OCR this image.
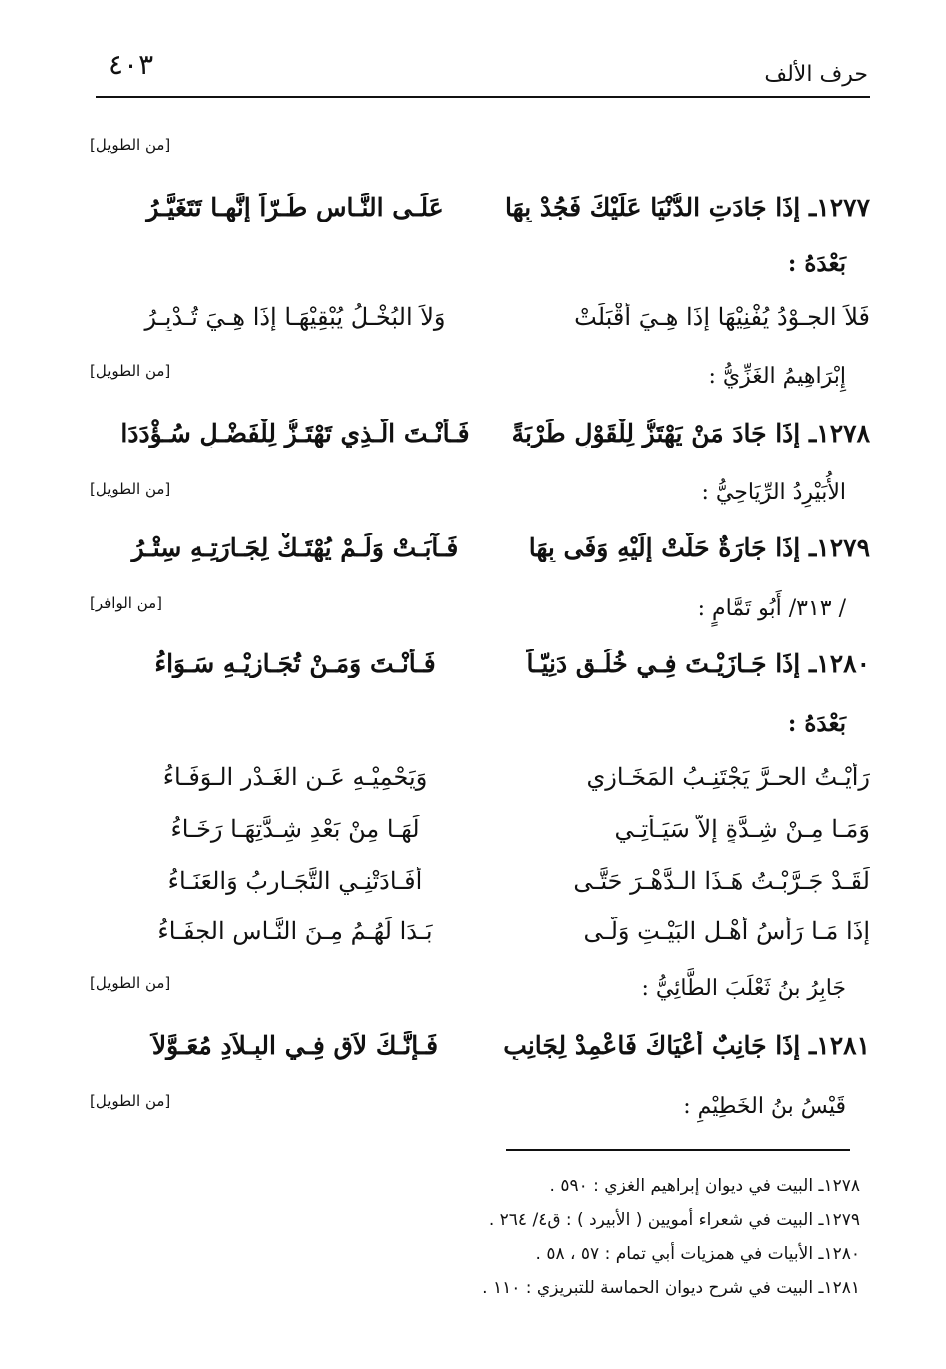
حرف الألف
٤٠٣
[من الطويل]
١٢٧٧ـ إِذَا جَادَتِ الدُّنْيَا عَلَيْكَ فَجُدْ بِهَا
عَلَـى النَّـاسِ طُـرّاً إِنَّهـا تَتَغَيَّـرُ
بَعْدَهُ :
فَلاَ الجـوْدُ يُفْنِيْهَا إِذَا هِـيَ أَقْبَلَتْ
وَلاَ البُخْـلُ يُبْقِيْهَـا إِذَا هِـيَ تُـدْبِـرُ
[من الطويل]	إِبْرَاهِيمُ الغَزِّيُّ :
١٢٧٨ـ إِذَا جَادَ مَنْ يَهْتَزُّ لِلْقَوْلِ طَرْبَةً
فَـأَنْـتَ الَّـذِي تَهْتَـزُّ لِلْفَضْـلِ سُـؤْدَدَا
[من الطويل]	الأُبَيْرِدُ الرِّيَاحِيُّ :
١٢٧٩ـ إِذَا جَارَةٌ حَلَّتْ إِلَيْهِ وَفَى بِهَا
فَـآبَـتْ وَلَـمْ يُهْتَـكْ لِجَـارَتِـهِ سِتْـرُ
[من الوافر]	/ ٣١٣/ أَبُو تَمَّامٍ :
١٢٨٠ـ إِذَا جَـازَيْـتَ فِـي خُلُـقٍ دَنِيّـاً
فَـأَنْـتَ وَمَـنْ تُجَـازِيْـهِ سَـوَاءُ
بَعْدَهُ :
رَأَيْـتُ الحـرَّ يَجْتَنِـبُ المَخَـازِي
وَيَحْمِيْـهِ عَـنِ الغَـدْرِ الـوَفَـاءُ
وَمَـا مِـنْ شِـدَّةٍ إِلاَّ سَيَـأْتِـي
لَهَـا مِنْ بَعْدِ شِـدَّتِهَـا رَخَـاءُ
لَقَـدْ جَـرَّبْـتُ هَـذَا الـدَّهْـرَ حَتَّـى
أَفَـادَتْنِـي التَّجَـارِبُ وَالعَنَـاءُ
إِذَا مَـا رَأْسُ أَهْـلِ البَيْـتِ وَلَّـى
بَـدَا لَهُـمُ مِـنَ النَّـاسِ الجفَـاءُ
[من الطويل]	جَابِرُ بنُ ثَعْلَبَ الطَّائِيُّ :
١٢٨١ـ إِذَا جَانِبٌ أَعْيَاكَ فَاعْمِدْ لِجَانِبٍ
فَـإِنَّـكَ لاَقٍ فِـي البِـلاَدِ مُعَـوَّلاَ
[من الطويل]	قَيْسُ بنُ الخَطِيْمِ :
١٢٧٨ـ البيت في ديوان إبراهيم الغزي : ٥٩٠ .
١٢٧٩ـ البيت في شعراء أمويين ( الأبيرد ) : ق٤/ ٢٦٤ .
١٢٨٠ـ الأبيات في همزيات أبي تمام : ٥٧ ، ٥٨ .
١٢٨١ـ البيت في شرح ديوان الحماسة للتبريزي : ١١٠ .
